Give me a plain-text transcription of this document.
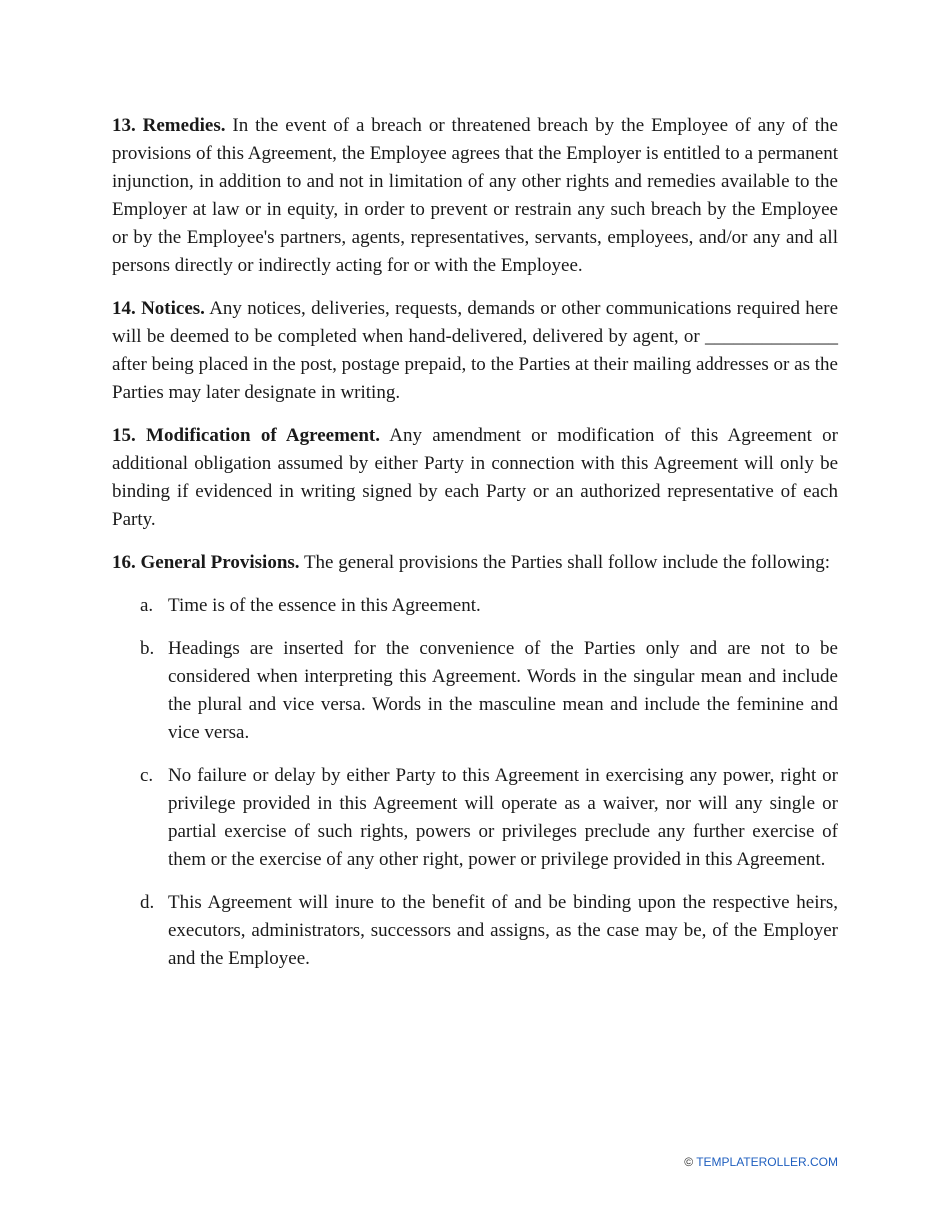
13. Remedies. In the event of a breach or threatened breach by the Employee of any of the provisions of this Agreement, the Employee agrees that the Employer is entitled to a permanent injunction, in addition to and not in limitation of any other rights and remedies available to the Employer at law or in equity, in order to prevent or restrain any such breach by the Employee or by the Employee's partners, agents, representatives, servants, employees, and/or any and all persons directly or indirectly acting for or with the Employee.

14. Notices. Any notices, deliveries, requests, demands or other communications required here will be deemed to be completed when hand-delivered, delivered by agent, or ______________ after being placed in the post, postage prepaid, to the Parties at their mailing addresses or as the Parties may later designate in writing.

15. Modification of Agreement. Any amendment or modification of this Agreement or additional obligation assumed by either Party in connection with this Agreement will only be binding if evidenced in writing signed by each Party or an authorized representative of each Party.

16. General Provisions. The general provisions the Parties shall follow include the following:

a. Time is of the essence in this Agreement.
b. Headings are inserted for the convenience of the Parties only and are not to be considered when interpreting this Agreement. Words in the singular mean and include the plural and vice versa. Words in the masculine mean and include the feminine and vice versa.
c. No failure or delay by either Party to this Agreement in exercising any power, right or privilege provided in this Agreement will operate as a waiver, nor will any single or partial exercise of such rights, powers or privileges preclude any further exercise of them or the exercise of any other right, power or privilege provided in this Agreement.
d. This Agreement will inure to the benefit of and be binding upon the respective heirs, executors, administrators, successors and assigns, as the case may be, of the Employer and the Employee.
© TEMPLATEROLLER.COM
